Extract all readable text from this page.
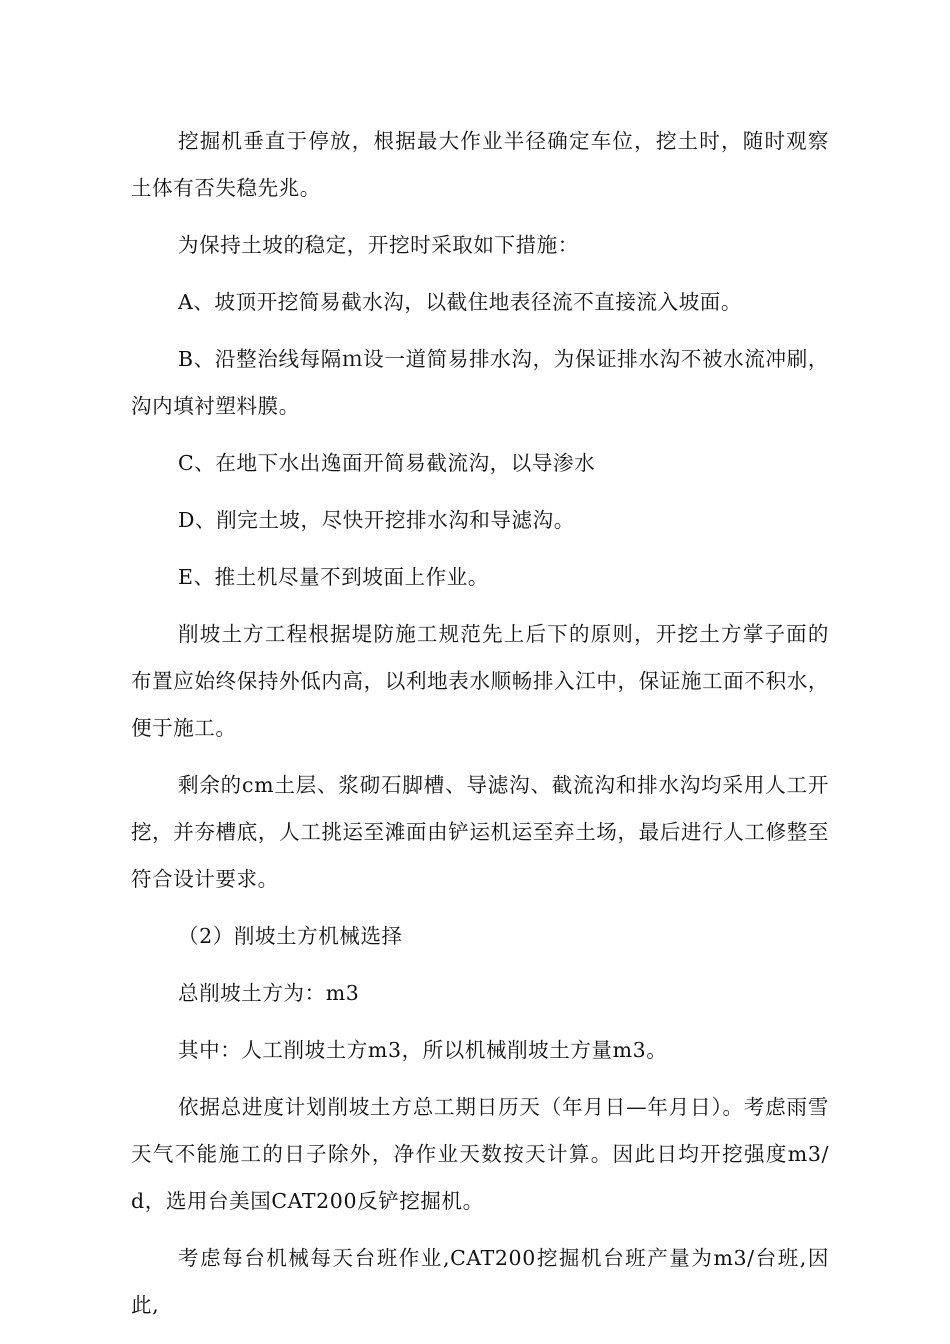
挖掘机垂直于停放，根据最大作业半径确定车位，挖土时，随时观察土体有否失稳先兆。

为保持土坡的稳定，开挖时采取如下措施：

A、坡顶开挖简易截水沟，以截住地表径流不直接流入坡面。

B、沿整治线每隔ｍ设一道简易排水沟，为保证排水沟不被水流冲刷，沟内填衬塑料膜。

C、在地下水出逸面开简易截流沟，以导渗水

D、削完土坡，尽快开挖排水沟和导滤沟。

E、推土机尽量不到坡面上作业。

削坡土方工程根据堤防施工规范先上后下的原则，开挖土方掌子面的布置应始终保持外低内高，以利地表水顺畅排入江中，保证施工面不积水，便于施工。

剩余的cm土层、浆砌石脚槽、导滤沟、截流沟和排水沟均采用人工开挖，并夯槽底，人工挑运至滩面由铲运机运至弃土场，最后进行人工修整至符合设计要求。

（2）削坡土方机械选择

总削坡土方为：m3

其中：人工削坡土方m3，所以机械削坡土方量m3。

依据总进度计划削坡土方总工期日历天（年月日—年月日）。考虑雨雪天气不能施工的日子除外，净作业天数按天计算。因此日均开挖强度m3/d，选用台美国CAT200反铲挖掘机。

考虑每台机械每天台班作业,CAT200挖掘机台班产量为m3/台班,因此,
